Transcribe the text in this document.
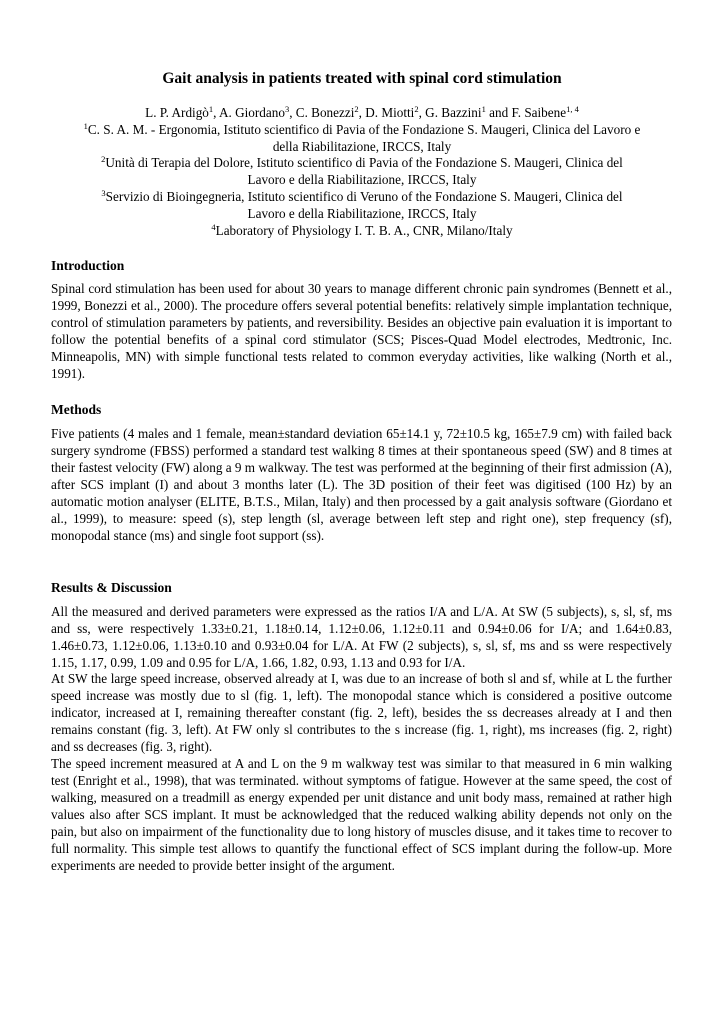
Gait analysis in patients treated with spinal cord stimulation
L. P. Ardigò$^1$, A. Giordano$^3$, C. Bonezzi$^2$, D. Miotti$^2$, G. Bazzini$^1$ and F. Saibene$^{1, 4}$
$^1$C. S. A. M. - Ergonomia, Istituto scientifico di Pavia of the Fondazione S. Maugeri, Clinica del Lavoro e
della Riabilitazione, IRCCS, Italy
$^2$Unità di Terapia del Dolore, Istituto scientifico di Pavia of the Fondazione S. Maugeri, Clinica del
Lavoro e della Riabilitazione, IRCCS, Italy
$^3$Servizio di Bioingegneria, Istituto scientifico di Veruno of the Fondazione S. Maugeri, Clinica del
Lavoro e della Riabilitazione, IRCCS, Italy
$^4$Laboratory of Physiology I. T. B. A., CNR, Milano/Italy
Introduction

Spinal cord stimulation has been used for about 30 years to manage different chronic pain syndromes (Bennett et al., 1999, Bonezzi et al., 2000). The procedure offers several potential benefits: relatively simple implantation technique, control of stimulation parameters by patients, and reversibility. Besides an objective pain evaluation it is important to follow the potential benefits of a spinal cord stimulator (SCS; Pisces-Quad Model electrodes, Medtronic, Inc. Minneapolis, MN) with simple functional tests related to common everyday activities, like walking (North et al., 1991).

Methods

Five patients (4 males and 1 female, mean±standard deviation 65±14.1 y, 72±10.5 kg, 165±7.9 cm) with failed back surgery syndrome (FBSS) performed a standard test walking 8 times at their spontaneous speed (SW) and 8 times at their fastest velocity (FW) along a 9 m walkway. The test was performed at the beginning of their first admission (A), after SCS implant (I) and about 3 months later (L). The 3D position of their feet was digitised (100 Hz) by an automatic motion analyser (ELITE, B.T.S., Milan, Italy) and then processed by a gait analysis software (Giordano et al., 1999), to measure: speed (s), step length (sl, average between left step and right one), step frequency (sf), monopodal stance (ms) and single foot support (ss).

Results & Discussion

All the measured and derived parameters were expressed as the ratios I/A and L/A. At SW (5 subjects), s, sl, sf, ms and ss, were respectively 1.33±0.21, 1.18±0.14, 1.12±0.06, 1.12±0.11 and 0.94±0.06 for I/A; and 1.64±0.83, 1.46±0.73, 1.12±0.06, 1.13±0.10 and 0.93±0.04 for L/A. At FW (2 subjects), s, sl, sf, ms and ss were respectively 1.15, 1.17, 0.99, 1.09 and 0.95 for L/A, 1.66, 1.82, 0.93, 1.13 and 0.93 for I/A.

At SW the large speed increase, observed already at I, was due to an increase of both sl and sf, while at L the further speed increase was mostly due to sl (fig. 1, left). The monopodal stance which is considered a positive outcome indicator, increased at I, remaining thereafter constant (fig. 2, left), besides the ss decreases already at I and then remains constant (fig. 3, left). At FW only sl contributes to the s increase (fig. 1, right), ms increases (fig. 2, right) and ss decreases (fig. 3, right).

The speed increment measured at A and L on the 9 m walkway test was similar to that measured in 6 min walking test (Enright et al., 1998), that was terminated. without symptoms of fatigue. However at the same speed, the cost of walking, measured on a treadmill as energy expended per unit distance and unit body mass, remained at rather high values also after SCS implant. It must be acknowledged that the reduced walking ability depends not only on the pain, but also on impairment of the functionality due to long history of muscles disuse, and it takes time to recover to full normality. This simple test allows to quantify the functional effect of SCS implant during the follow-up. More experiments are needed to provide better insight of the argument.
